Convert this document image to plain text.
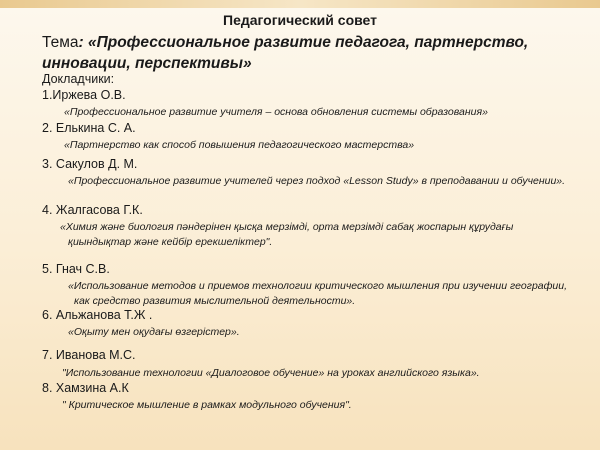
Педагогический совет
Тема: «Профессиональное развитие педагога, партнерство, инновации, перспективы»
Докладчики:
1.Иржева О.В.
«Профессиональное развитие учителя – основа обновления системы образования»
2. Елькина С. А.
«Партнерство как способ повышения педагогического мастерства»
3. Сакулов Д. М.
«Профессиональное развитие учителей через подход «Lesson Study» в преподавании и обучении».
4. Жалгасова Г.К.
«Химия және биология пәндерінен қысқа мерзімді, орта мерзімді сабақ жоспарын құрудағы
қиындықтар және кейбір ерекшеліктер".
5. Гнач С.В.
«Использование методов и приемов технологии критического мышления при изучении географии,
как средство развития мыслительной деятельности».
6. Альжанова Т.Ж .
«Оқыту мен оқудағы өзгерістер».
7. Иванова М.С.
"Использование технологии «Диалоговое обучение» на уроках английского языка».
8. Хамзина А.К
" Критическое мышление в рамках модульного обучения".
